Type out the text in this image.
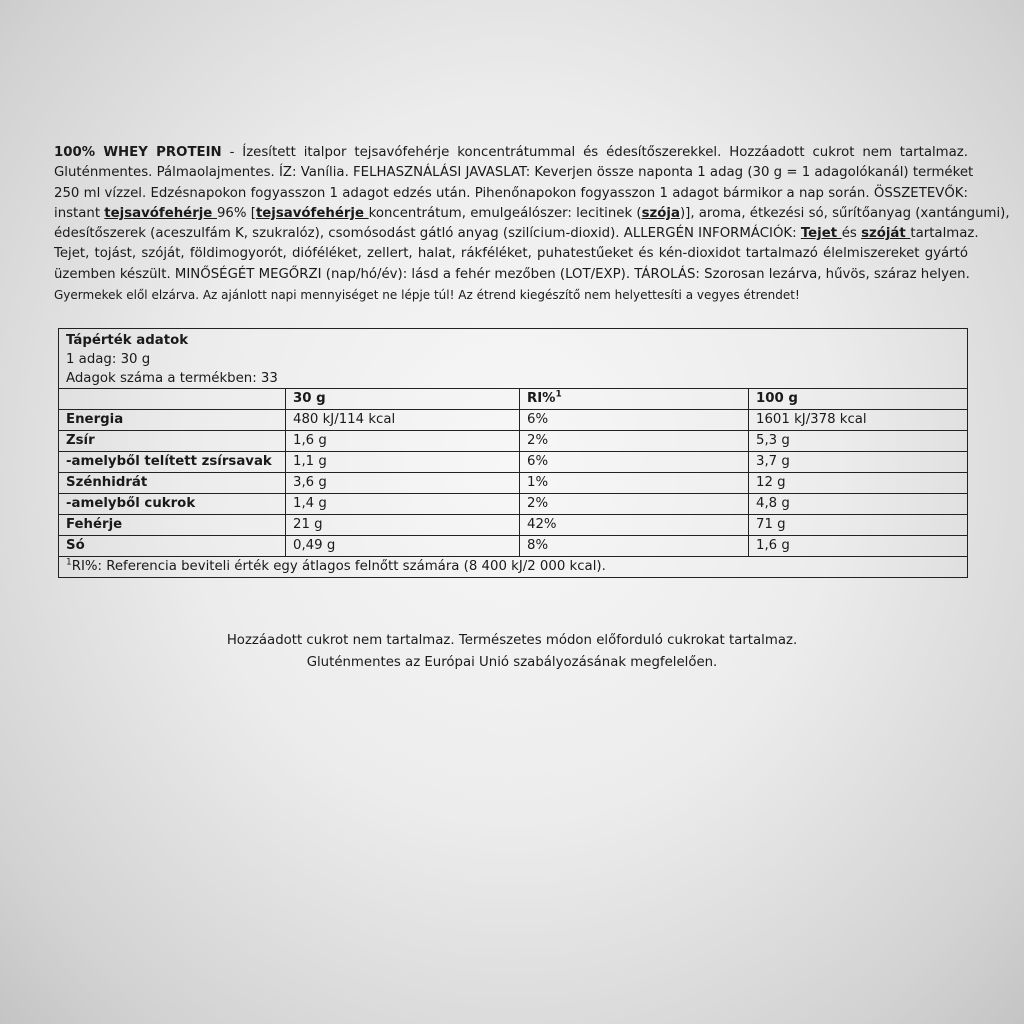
100% WHEY PROTEIN - Ízesített italpor tejsavófehérje koncentrátummal és édesítőszerekkel. Hozzáadott cukrot nem tartalmaz.
Gluténmentes. Pálmaolajmentes. ÍZ: Vanília. FELHASZNÁLÁSI JAVASLAT: Keverjen össze naponta 1 adag (30 g = 1 adagolókanál) terméket
250 ml vízzel. Edzésnapokon fogyasszon 1 adagot edzés után. Pihenőnapokon fogyasszon 1 adagot bármikor a nap során. ÖSSZETEVŐK:
instant tejsavófehérje 96% [tejsavófehérje koncentrátum, emulgeálószer: lecitinek (szója)], aroma, étkezési só, sűrítőanyag (xantángumi),
édesítőszerek (aceszulfám K, szukralóz), csomósodást gátló anyag (szilícium-dioxid). ALLERGÉN INFORMÁCIÓK: Tejet és szóját tartalmaz.
Tejet, tojást, szóját, földimogyorót, dióféléket, zellert, halat, rákféléket, puhatestűeket és kén-dioxidot tartalmazó élelmiszereket gyártó
üzemben készült. MINŐSÉGÉT MEGŐRZI (nap/hó/év): lásd a fehér mezőben (LOT/EXP). TÁROLÁS: Szorosan lezárva, hűvös, száraz helyen.
Gyermekek elől elzárva. Az ajánlott napi mennyiséget ne lépje túl! Az étrend kiegészítő nem helyettesíti a vegyes étrendet!
Tápérték adatok
1 adag: 30 g
Adagok száma a termékben: 33			

	30 g	RI%$^1$	100 g
Energia	480 kJ/114 kcal	6%	1601 kJ/378 kcal
Zsír	1,6 g	2%	5,3 g
-amelyből telített zsírsavak	1,1 g	6%	3,7 g
Szénhidrát	3,6 g	1%	12 g
-amelyből cukrok	1,4 g	2%	4,8 g
Fehérje	21 g	42%	71 g
Só	0,49 g	8%	1,6 g
$^1$RI%: Referencia beviteli érték egy átlagos felnőtt számára (8 400 kJ/2 000 kcal).			
Hozzáadott cukrot nem tartalmaz. Természetes módon előforduló cukrokat tartalmaz.
Gluténmentes az Európai Unió szabályozásának megfelelően.
